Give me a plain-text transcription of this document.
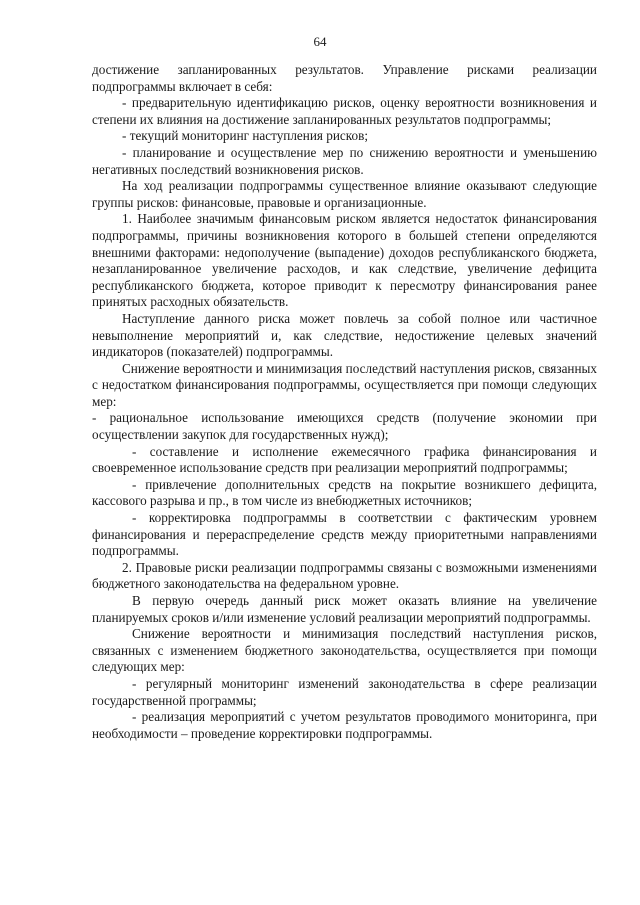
64

достижение запланированных результатов. Управление рисками реализации подпрограммы включает в себя:

- предварительную идентификацию рисков, оценку вероятности возникновения и степени их влияния на достижение запланированных результатов подпрограммы;

- текущий мониторинг наступления рисков;

- планирование и осуществление мер по снижению вероятности и уменьшению негативных последствий возникновения рисков.

На ход реализации подпрограммы существенное влияние оказывают следующие группы рисков: финансовые, правовые и организационные.

1. Наиболее значимым финансовым риском является недостаток финансирования подпрограммы, причины возникновения которого в большей степени определяются внешними факторами: недополучение (выпадение) доходов республиканского бюджета, незапланированное увеличение расходов, и как следствие, увеличение дефицита республиканского бюджета, которое приводит к пересмотру финансирования ранее принятых расходных обязательств.

Наступление данного риска может повлечь за собой полное или частичное невыполнение мероприятий и, как следствие, недостижение целевых значений индикаторов (показателей) подпрограммы.

Снижение вероятности и минимизация последствий наступления рисков, связанных с недостатком финансирования подпрограммы, осуществляется при помощи следующих мер:

- рациональное использование имеющихся средств (получение экономии при осуществлении закупок для государственных нужд);

- составление и исполнение ежемесячного графика финансирования и своевременное использование средств при реализации мероприятий подпрограммы;

- привлечение дополнительных средств на покрытие возникшего дефицита, кассового разрыва и пр., в том числе из внебюджетных источников;

- корректировка подпрограммы в соответствии с фактическим уровнем финансирования и перераспределение средств между приоритетными направлениями подпрограммы.

2. Правовые риски реализации подпрограммы связаны с возможными изменениями бюджетного законодательства на федеральном уровне.

В первую очередь данный риск может оказать влияние на увеличение планируемых сроков и/или изменение условий реализации мероприятий подпрограммы.

Снижение вероятности и минимизация последствий наступления рисков, связанных с изменением бюджетного законодательства, осуществляется при помощи следующих мер:

- регулярный мониторинг изменений законодательства в сфере реализации государственной программы;

- реализация мероприятий с учетом результатов проводимого мониторинга, при необходимости – проведение корректировки подпрограммы.
